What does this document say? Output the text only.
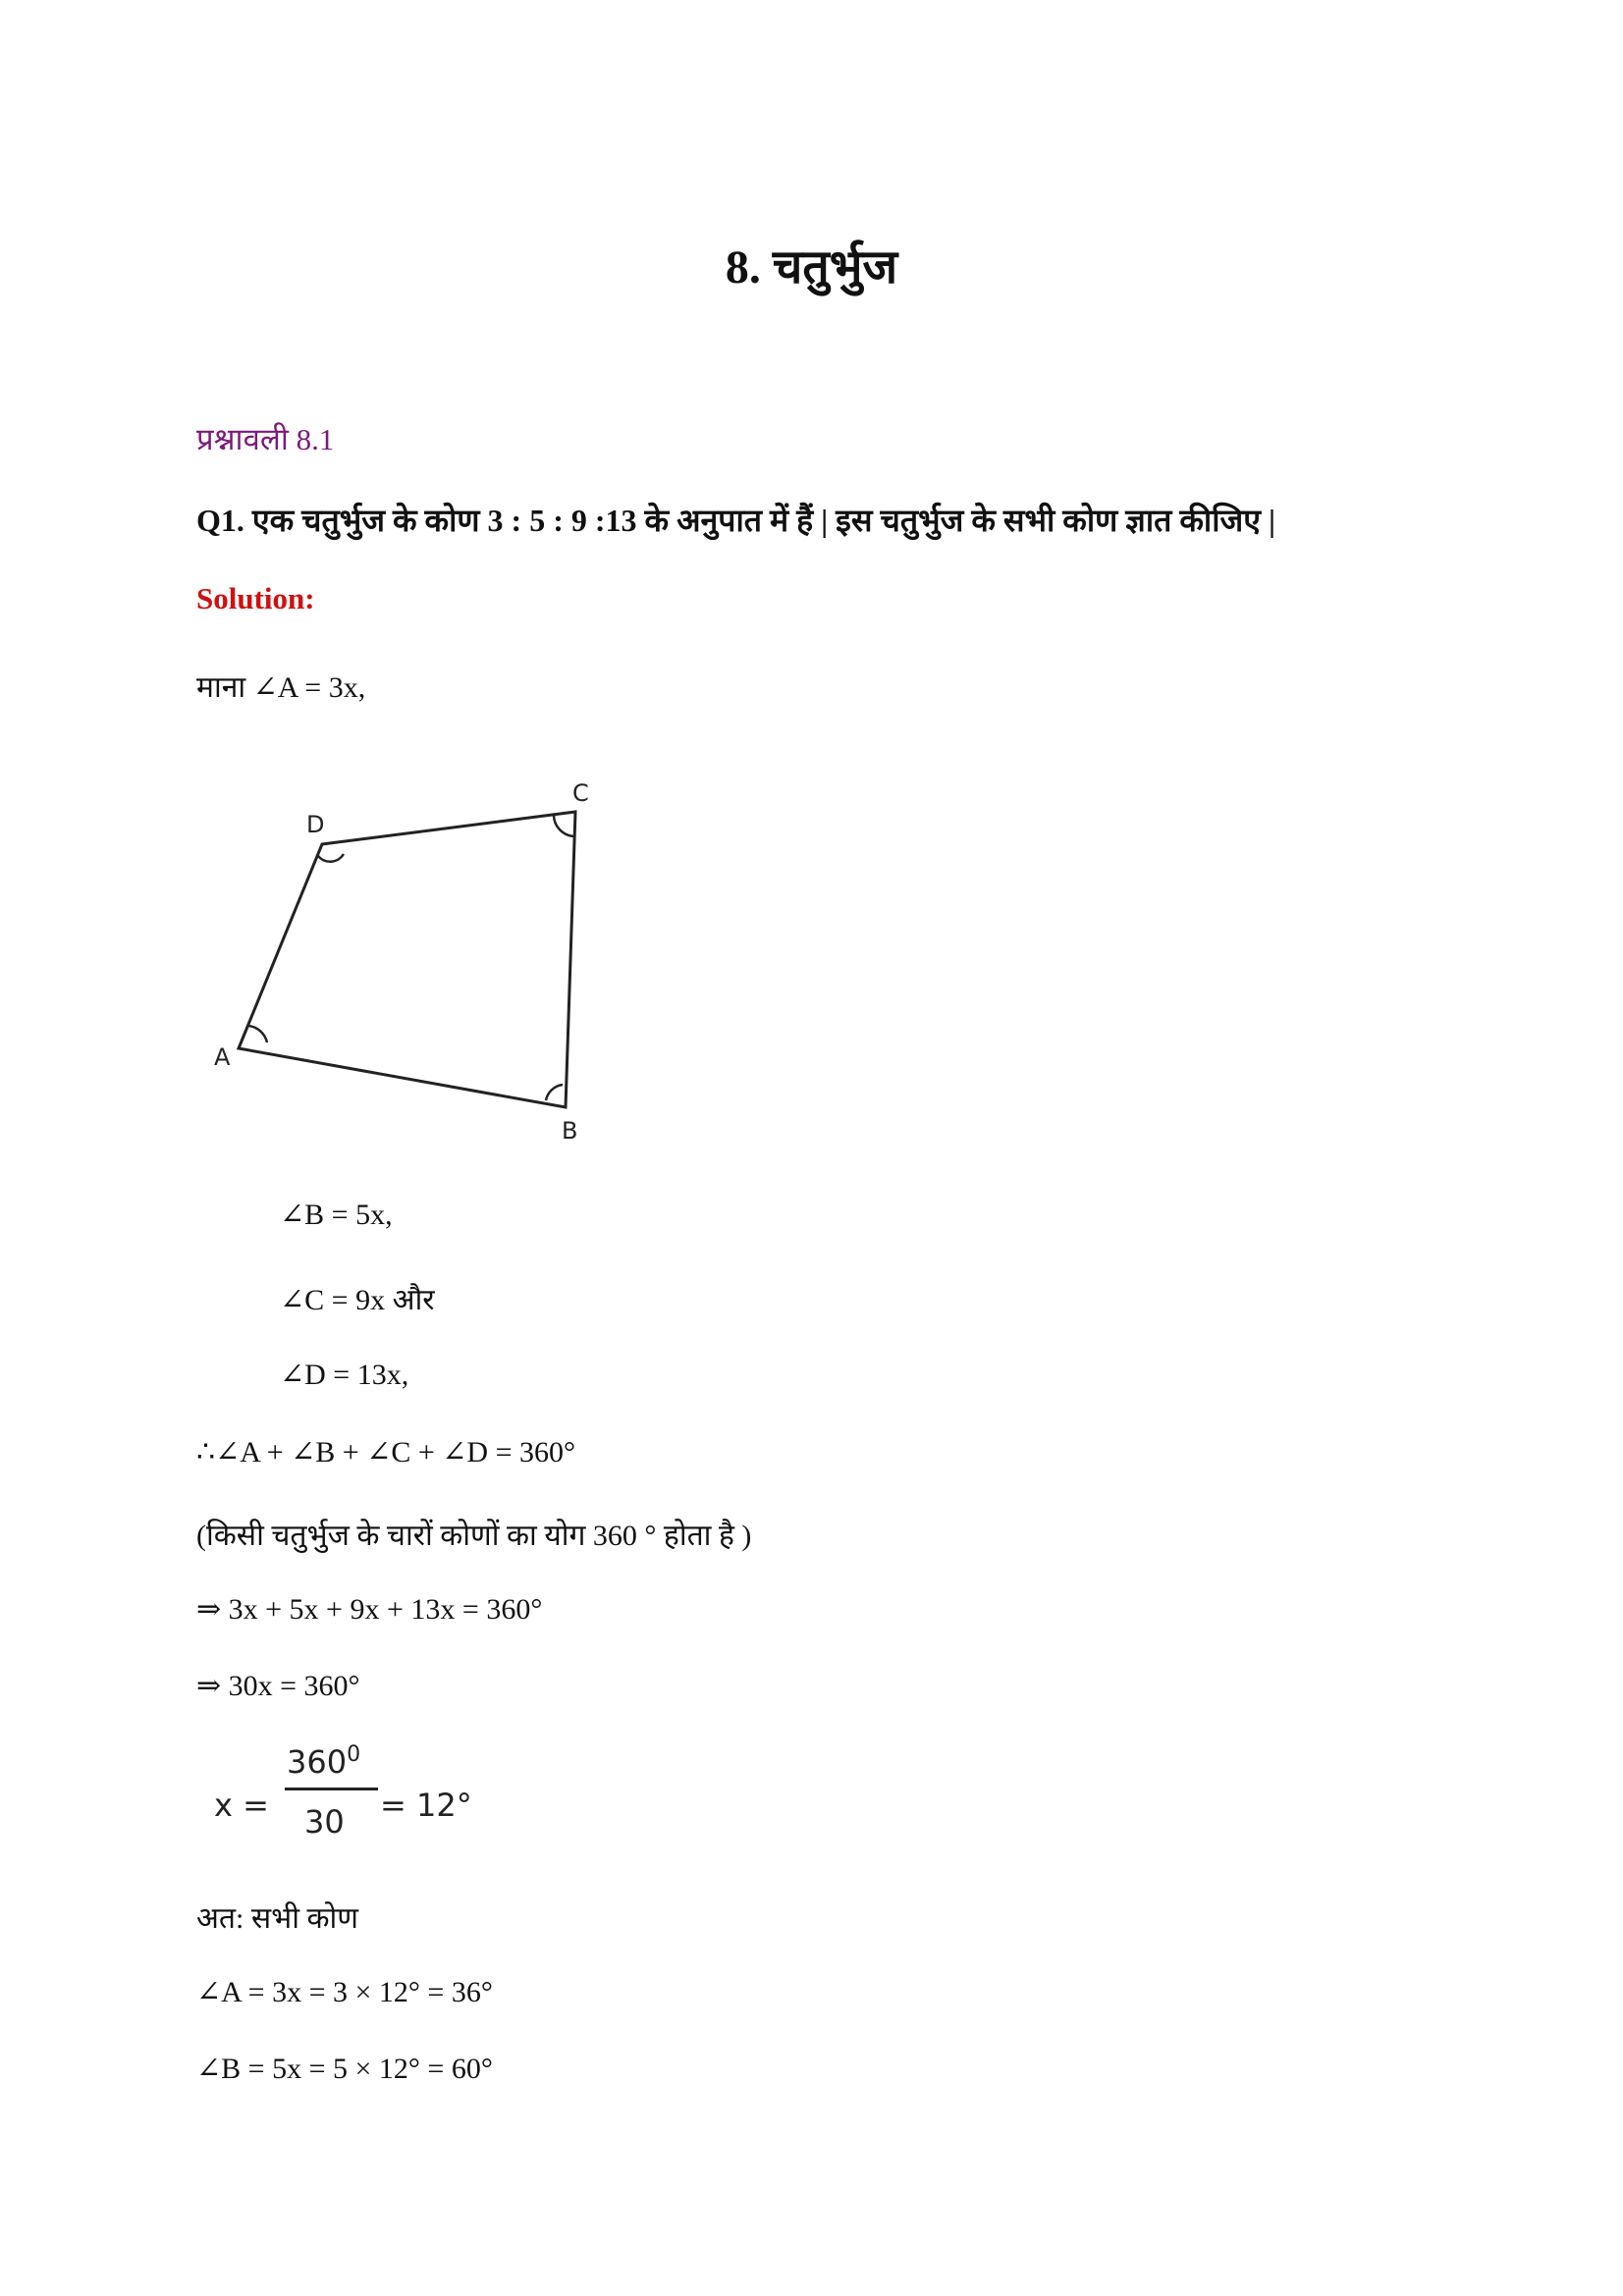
8. चतुर्भुज
प्रश्नावली 8.1
Q1. एक चतुर्भुज के कोण 3 : 5 : 9 :13 के अनुपात में हैं | इस चतुर्भुज के सभी कोण ज्ञात कीजिए |
Solution:
माना ∠A = 3x,
A
B
C
D
∠B = 5x,
∠C = 9x और
∠D = 13x,
∴∠A + ∠B + ∠C + ∠D = 360°
(किसी चतुर्भुज के चारों कोणों का योग 360 ° होता है )
⇒ 3x + 5x + 9x + 13x = 360°
⇒ 30x = 360°
x =
$360^0$
30 = 12°
अत: सभी कोण
∠A = 3x = 3 × 12° = 36°
∠B = 5x = 5 × 12° = 60°
